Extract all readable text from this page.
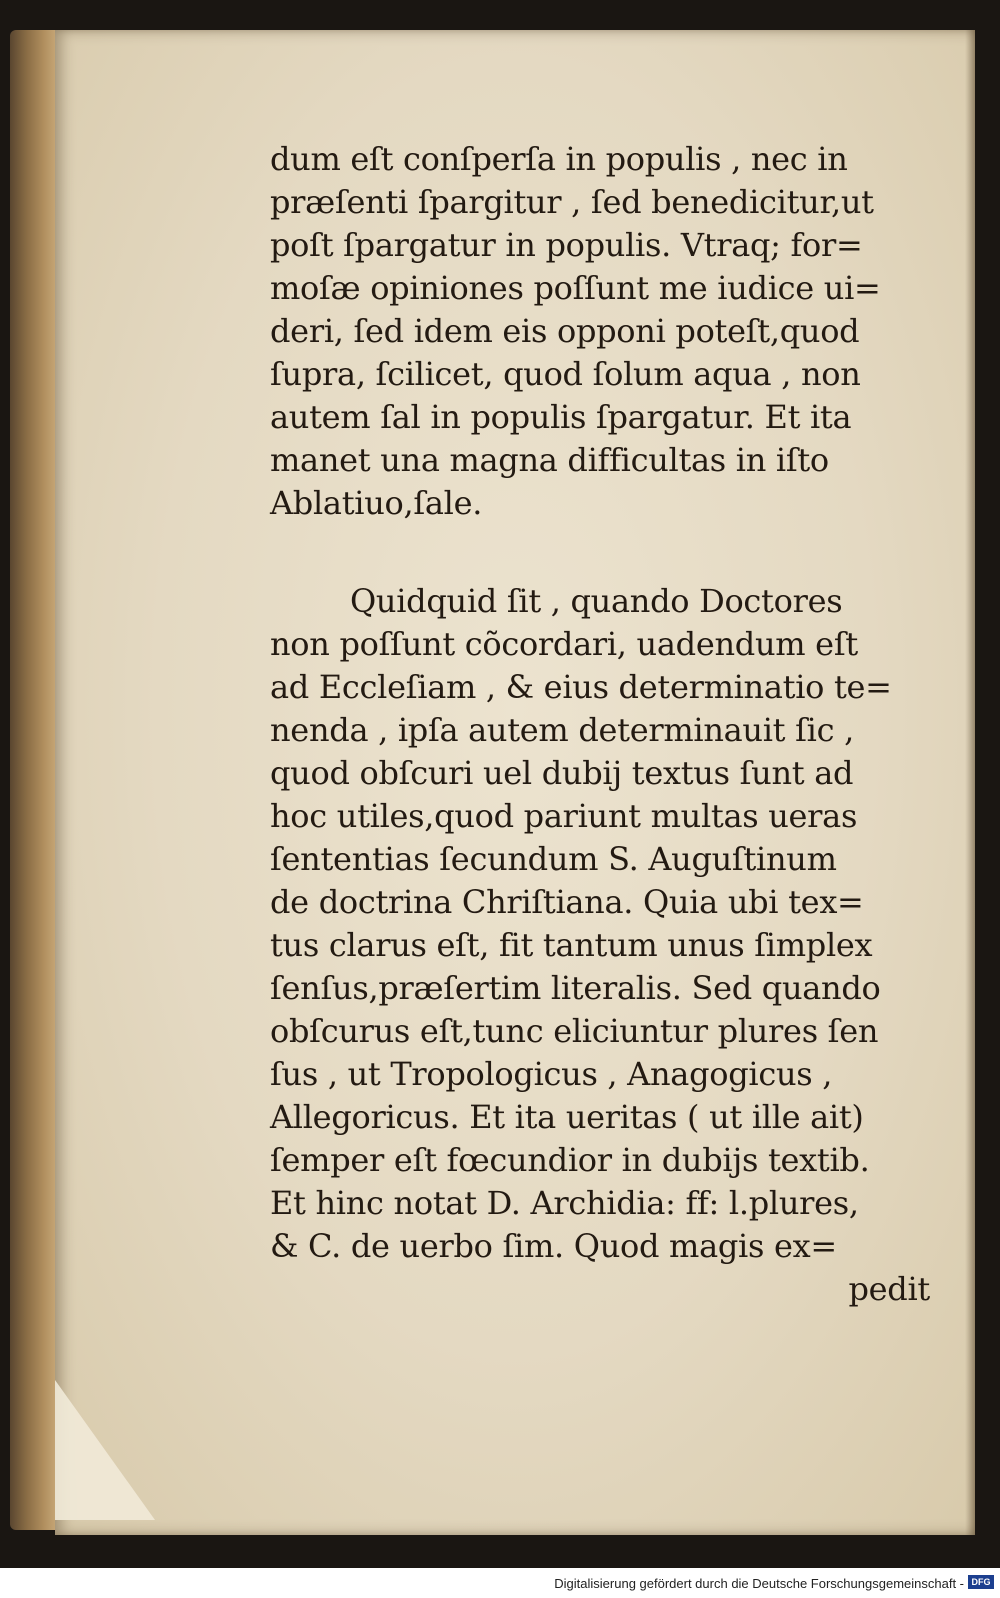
dum eſt conſperſa in populis , nec in
præſenti ſpargitur , ſed benedicitur,ut
poſt ſpargatur in populis. Vtraq; for=
moſæ opiniones poſſunt me iudice ui=
deri, ſed idem eis opponi poteſt,quod
ſupra, ſcilicet, quod ſolum aqua , non
autem ſal in populis ſpargatur. Et ita
manet una magna difficultas in iſto
Ablatiuo,ſale.
Quidquid ſit , quando Doctores
non poſſunt cõcordari, uadendum eſt
ad Eccleſiam , & eius determinatio te=
nenda , ipſa autem determinauit ſic ,
quod obſcuri uel dubij textus ſunt ad
hoc utiles,quod pariunt multas ueras
ſententias ſecundum S. Auguſtinum
de doctrina Chriſtiana. Quia ubi tex=
tus clarus eſt, fit tantum unus ſimplex
ſenſus,præſertim literalis. Sed quando
obſcurus eſt,tunc eliciuntur plures ſen
ſus , ut Tropologicus , Anagogicus ,
Allegoricus. Et ita ueritas ( ut ille ait)
ſemper eſt fœcundior in dubijs textib.
Et hinc notat D. Archidia: ff: l.plures,
& C. de uerbo ſim. Quod magis ex=
pedit
Digitalisierung gefördert durch die Deutsche Forschungsgemeinschaft - DFG
